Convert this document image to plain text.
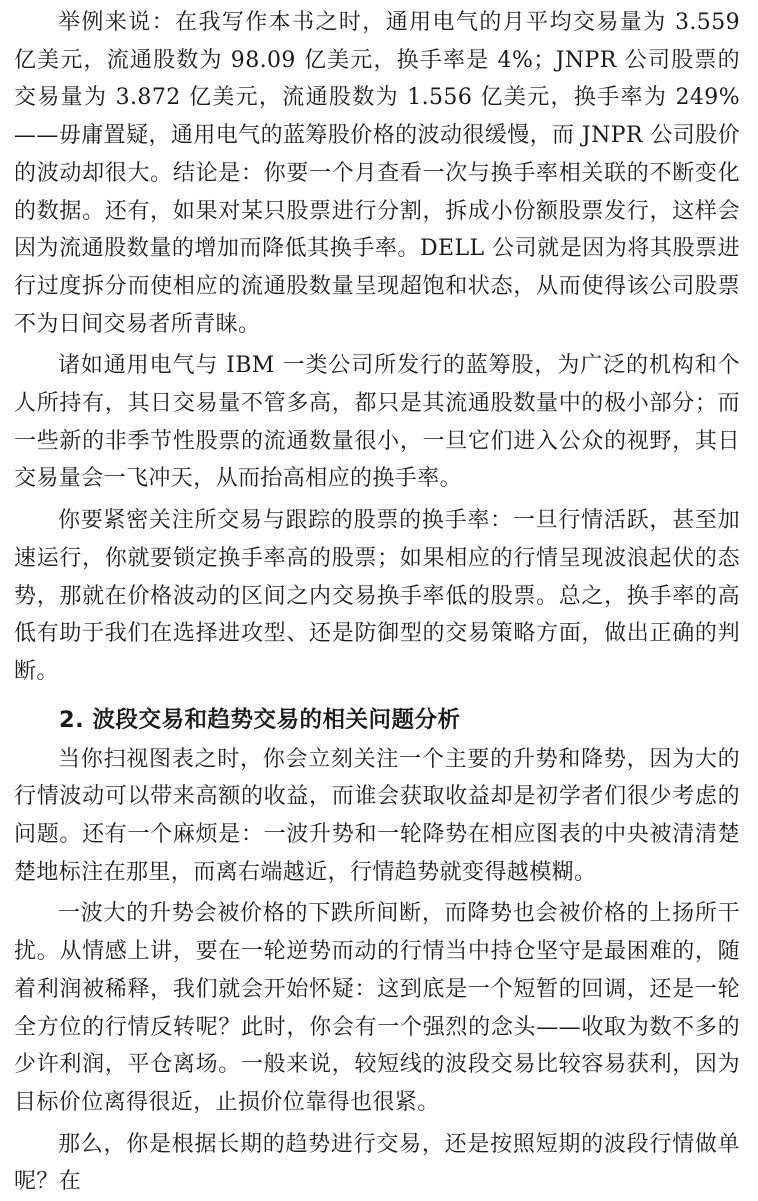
举例来说：在我写作本书之时，通用电气的月平均交易量为 3.559 亿美元，流通股数为 98.09 亿美元，换手率是 4%；JNPR 公司股票的交易量为 3.872 亿美元，流通股数为 1.556 亿美元，换手率为 249%——毋庸置疑，通用电气的蓝筹股价格的波动很缓慢，而 JNPR 公司股价的波动却很大。结论是：你要一个月查看一次与换手率相关联的不断变化的数据。还有，如果对某只股票进行分割，拆成小份额股票发行，这样会因为流通股数量的增加而降低其换手率。DELL 公司就是因为将其股票进行过度拆分而使相应的流通股数量呈现超饱和状态，从而使得该公司股票不为日间交易者所青睐。

诸如通用电气与 IBM 一类公司所发行的蓝筹股，为广泛的机构和个人所持有，其日交易量不管多高，都只是其流通股数量中的极小部分；而一些新的非季节性股票的流通数量很小，一旦它们进入公众的视野，其日交易量会一飞冲天，从而抬高相应的换手率。

你要紧密关注所交易与跟踪的股票的换手率：一旦行情活跃，甚至加速运行，你就要锁定换手率高的股票；如果相应的行情呈现波浪起伏的态势，那就在价格波动的区间之内交易换手率低的股票。总之，换手率的高低有助于我们在选择进攻型、还是防御型的交易策略方面，做出正确的判断。

2. 波段交易和趋势交易的相关问题分析

当你扫视图表之时，你会立刻关注一个主要的升势和降势，因为大的行情波动可以带来高额的收益，而谁会获取收益却是初学者们很少考虑的问题。还有一个麻烦是：一波升势和一轮降势在相应图表的中央被清清楚楚地标注在那里，而离右端越近，行情趋势就变得越模糊。

一波大的升势会被价格的下跌所间断，而降势也会被价格的上扬所干扰。从情感上讲，要在一轮逆势而动的行情当中持仓坚守是最困难的，随着利润被稀释，我们就会开始怀疑：这到底是一个短暂的回调，还是一轮全方位的行情反转呢？此时，你会有一个强烈的念头——收取为数不多的少许利润，平仓离场。一般来说，较短线的波段交易比较容易获利，因为目标价位离得很近，止损价位靠得也很紧。

那么，你是根据长期的趋势进行交易，还是按照短期的波段行情做单呢？在
